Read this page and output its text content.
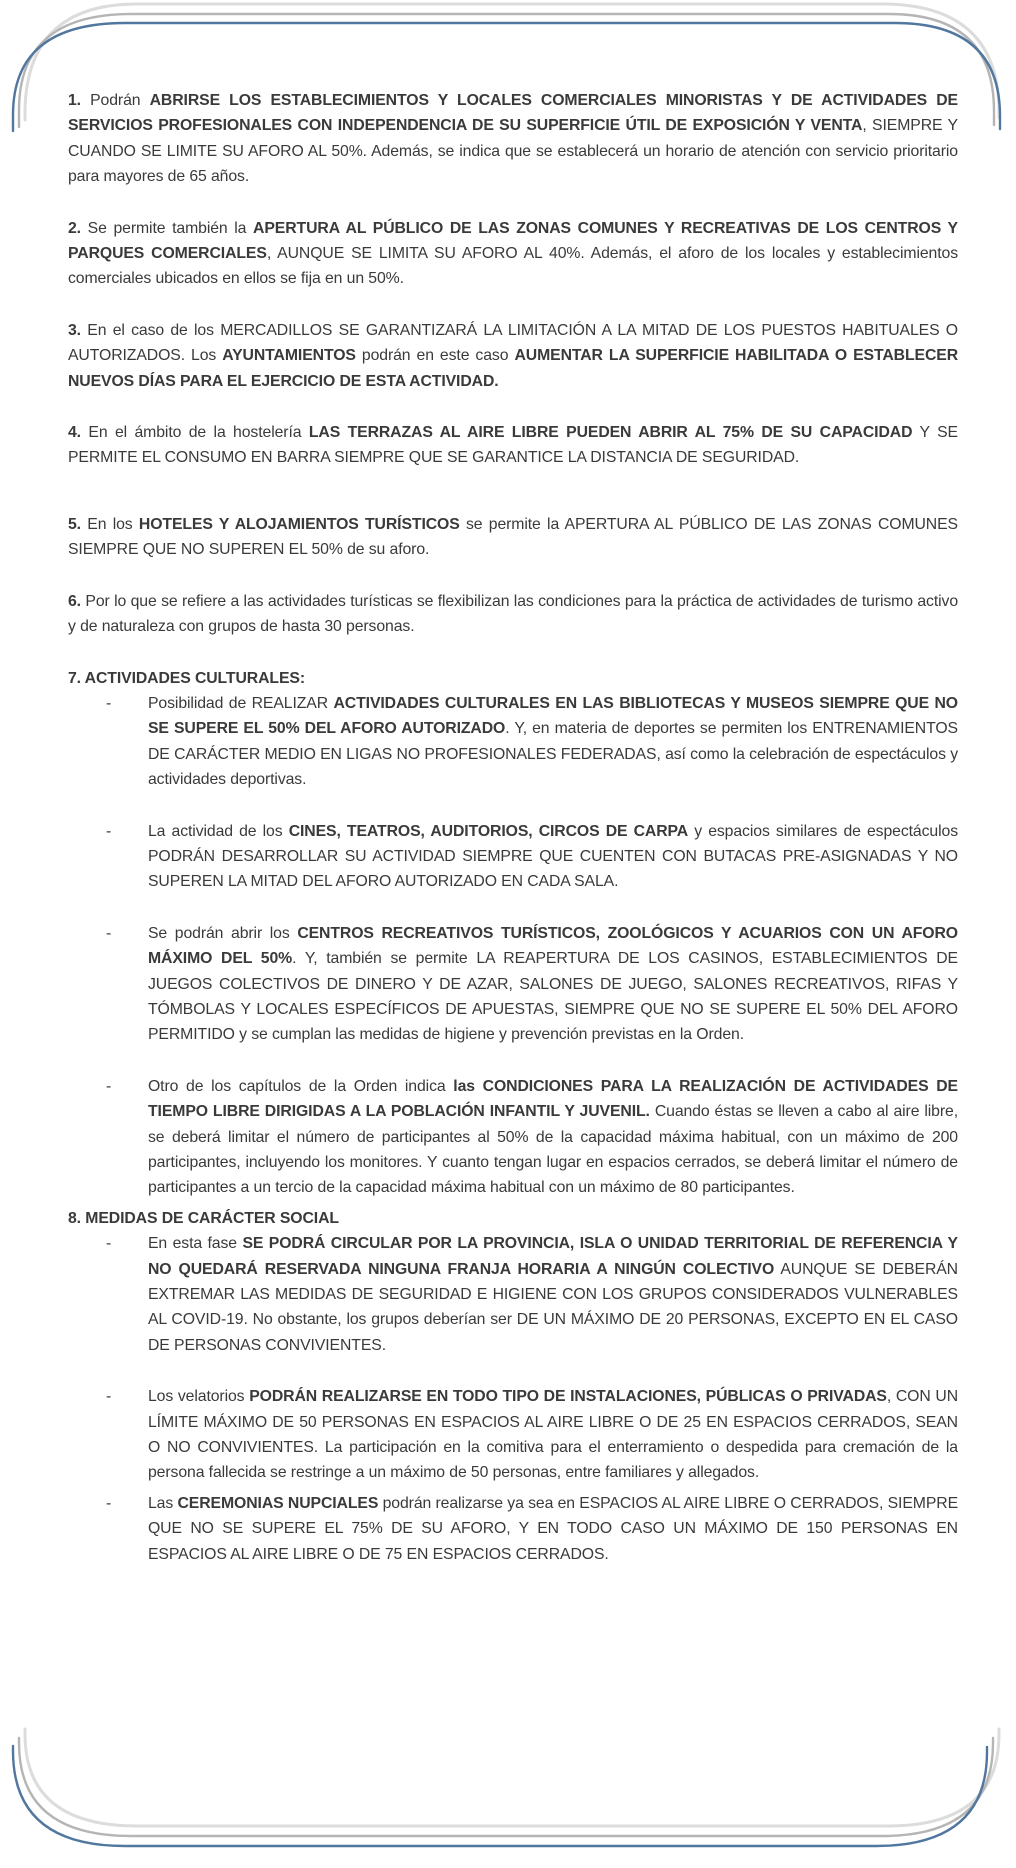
1. Podrán ABRIRSE LOS ESTABLECIMIENTOS Y LOCALES COMERCIALES MINORISTAS Y DE ACTIVIDADES DE SERVICIOS PROFESIONALES CON INDEPENDENCIA DE SU SUPERFICIE ÚTIL DE EXPOSICIÓN Y VENTA, SIEMPRE Y CUANDO SE LIMITE SU AFORO AL 50%. Además, se indica que se establecerá un horario de atención con servicio prioritario para mayores de 65 años.

2. Se permite también la APERTURA AL PÚBLICO DE LAS ZONAS COMUNES Y RECREATIVAS DE LOS CENTROS Y PARQUES COMERCIALES, AUNQUE SE LIMITA SU AFORO AL 40%. Además, el aforo de los locales y establecimientos comerciales ubicados en ellos se fija en un 50%.

3. En el caso de los MERCADILLOS SE GARANTIZARÁ LA LIMITACIÓN A LA MITAD DE LOS PUESTOS HABITUALES O AUTORIZADOS. Los AYUNTAMIENTOS podrán en este caso AUMENTAR LA SUPERFICIE HABILITADA O ESTABLECER NUEVOS DÍAS PARA EL EJERCICIO DE ESTA ACTIVIDAD.

4. En el ámbito de la hostelería LAS TERRAZAS AL AIRE LIBRE PUEDEN ABRIR AL 75% DE SU CAPACIDAD Y SE PERMITE EL CONSUMO EN BARRA SIEMPRE QUE SE GARANTICE LA DISTANCIA DE SEGURIDAD.

5. En los HOTELES Y ALOJAMIENTOS TURÍSTICOS se permite la APERTURA AL PÚBLICO DE LAS ZONAS COMUNES SIEMPRE QUE NO SUPEREN EL 50% de su aforo.

6. Por lo que se refiere a las actividades turísticas se flexibilizan las condiciones para la práctica de actividades de turismo activo y de naturaleza con grupos de hasta 30 personas.

7. ACTIVIDADES CULTURALES:

-	Posibilidad de REALIZAR ACTIVIDADES CULTURALES EN LAS BIBLIOTECAS Y MUSEOS SIEMPRE QUE NO SE SUPERE EL 50% DEL AFORO AUTORIZADO. Y, en materia de deportes se permiten los ENTRENAMIENTOS DE CARÁCTER MEDIO EN LIGAS NO PROFESIONALES FEDERADAS, así como la celebración de espectáculos y actividades deportivas.
-	La actividad de los CINES, TEATROS, AUDITORIOS, CIRCOS DE CARPA y espacios similares de espectáculos PODRÁN DESARROLLAR SU ACTIVIDAD SIEMPRE QUE CUENTEN CON BUTACAS PRE-ASIGNADAS Y NO SUPEREN LA MITAD DEL AFORO AUTORIZADO EN CADA SALA.
-	Se podrán abrir los CENTROS RECREATIVOS TURÍSTICOS, ZOOLÓGICOS Y ACUARIOS CON UN AFORO MÁXIMO DEL 50%. Y, también se permite LA REAPERTURA DE LOS CASINOS, ESTABLECIMIENTOS DE JUEGOS COLECTIVOS DE DINERO Y DE AZAR, SALONES DE JUEGO, SALONES RECREATIVOS, RIFAS Y TÓMBOLAS Y LOCALES ESPECÍFICOS DE APUESTAS, SIEMPRE QUE NO SE SUPERE EL 50% DEL AFORO PERMITIDO y se cumplan las medidas de higiene y prevención previstas en la Orden.
-	Otro de los capítulos de la Orden indica las CONDICIONES PARA LA REALIZACIÓN DE ACTIVIDADES DE TIEMPO LIBRE DIRIGIDAS A LA POBLACIÓN INFANTIL Y JUVENIL. Cuando éstas se lleven a cabo al aire libre, se deberá limitar el número de participantes al 50% de la capacidad máxima habitual, con un máximo de 200 participantes, incluyendo los monitores. Y cuanto tengan lugar en espacios cerrados, se deberá limitar el número de participantes a un tercio de la capacidad máxima habitual con un máximo de 80 participantes.

8. MEDIDAS DE CARÁCTER SOCIAL

-	En esta fase SE PODRÁ CIRCULAR POR LA PROVINCIA, ISLA O UNIDAD TERRITORIAL DE REFERENCIA Y NO QUEDARÁ RESERVADA NINGUNA FRANJA HORARIA A NINGÚN COLECTIVO AUNQUE SE DEBERÁN EXTREMAR LAS MEDIDAS DE SEGURIDAD E HIGIENE CON LOS GRUPOS CONSIDERADOS VULNERABLES AL COVID-19. No obstante, los grupos deberían ser DE UN MÁXIMO DE 20 PERSONAS, EXCEPTO EN EL CASO DE PERSONAS CONVIVIENTES.
-	Los velatorios PODRÁN REALIZARSE EN TODO TIPO DE INSTALACIONES, PÚBLICAS O PRIVADAS, CON UN LÍMITE MÁXIMO DE 50 PERSONAS EN ESPACIOS AL AIRE LIBRE O DE 25 EN ESPACIOS CERRADOS, SEAN O NO CONVIVIENTES. La participación en la comitiva para el enterramiento o despedida para cremación de la persona fallecida se restringe a un máximo de 50 personas, entre familiares y allegados.
-	Las CEREMONIAS NUPCIALES podrán realizarse ya sea en ESPACIOS AL AIRE LIBRE O CERRADOS, SIEMPRE QUE NO SE SUPERE EL 75% DE SU AFORO, Y EN TODO CASO UN MÁXIMO DE 150 PERSONAS EN ESPACIOS AL AIRE LIBRE O DE 75 EN ESPACIOS CERRADOS.
